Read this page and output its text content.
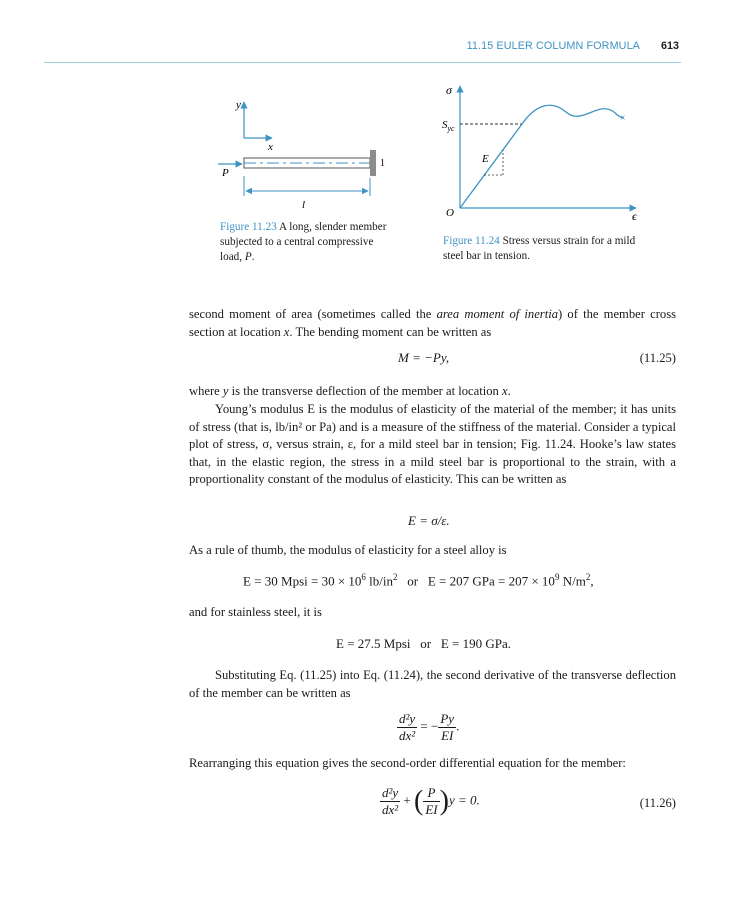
11.15 EULER COLUMN FORMULA 613
y
x
P
1
l
Figure 11.23 A long, slender member subjected to a central compressive load, P.
σ
ϵ
O
$S_{yc}$
×
E
Figure 11.24 Stress versus strain for a mild steel bar in tension.

second moment of area (sometimes called the area moment of inertia) of the member cross section at location x. The bending moment can be written as

M = −Py,	(11.25)

where y is the transverse deflection of the member at location x.

Young’s modulus E is the modulus of elasticity of the material of the member; it has units of stress (that is, lb/in² or Pa) and is a measure of the stiffness of the material. Consider a typical plot of stress, σ, versus strain, ε, for a mild steel bar in tension; Fig. 11.24. Hooke’s law states that, in the elastic region, the stress in a mild steel bar is proportional to the strain, with a proportionality constant of the modulus of elasticity. This can be written as

E = σ/ε.

As a rule of thumb, the modulus of elasticity for a steel alloy is

E = 30 Mpsi = $30 \times 10^6$ $lb/in^2$ or E = 207 GPa = $207 \times 10^9$ $N/m^2$,

and for stainless steel, it is

E = 27.5 Mpsi or E = 190 GPa.

Substituting Eq. (11.25) into Eq. (11.24), the second derivative of the transverse deflection of the member can be written as

$\frac{\text{d²y}}{\text{dx²}}$ = − $\frac{Py}{EI}$ .

Rearranging this equation gives the second-order differential equation for the member:

$\frac{\text{d²y}}{\text{dx²}}$ + ( $\frac{P}{EI} )y = 0$.	(11.26)
